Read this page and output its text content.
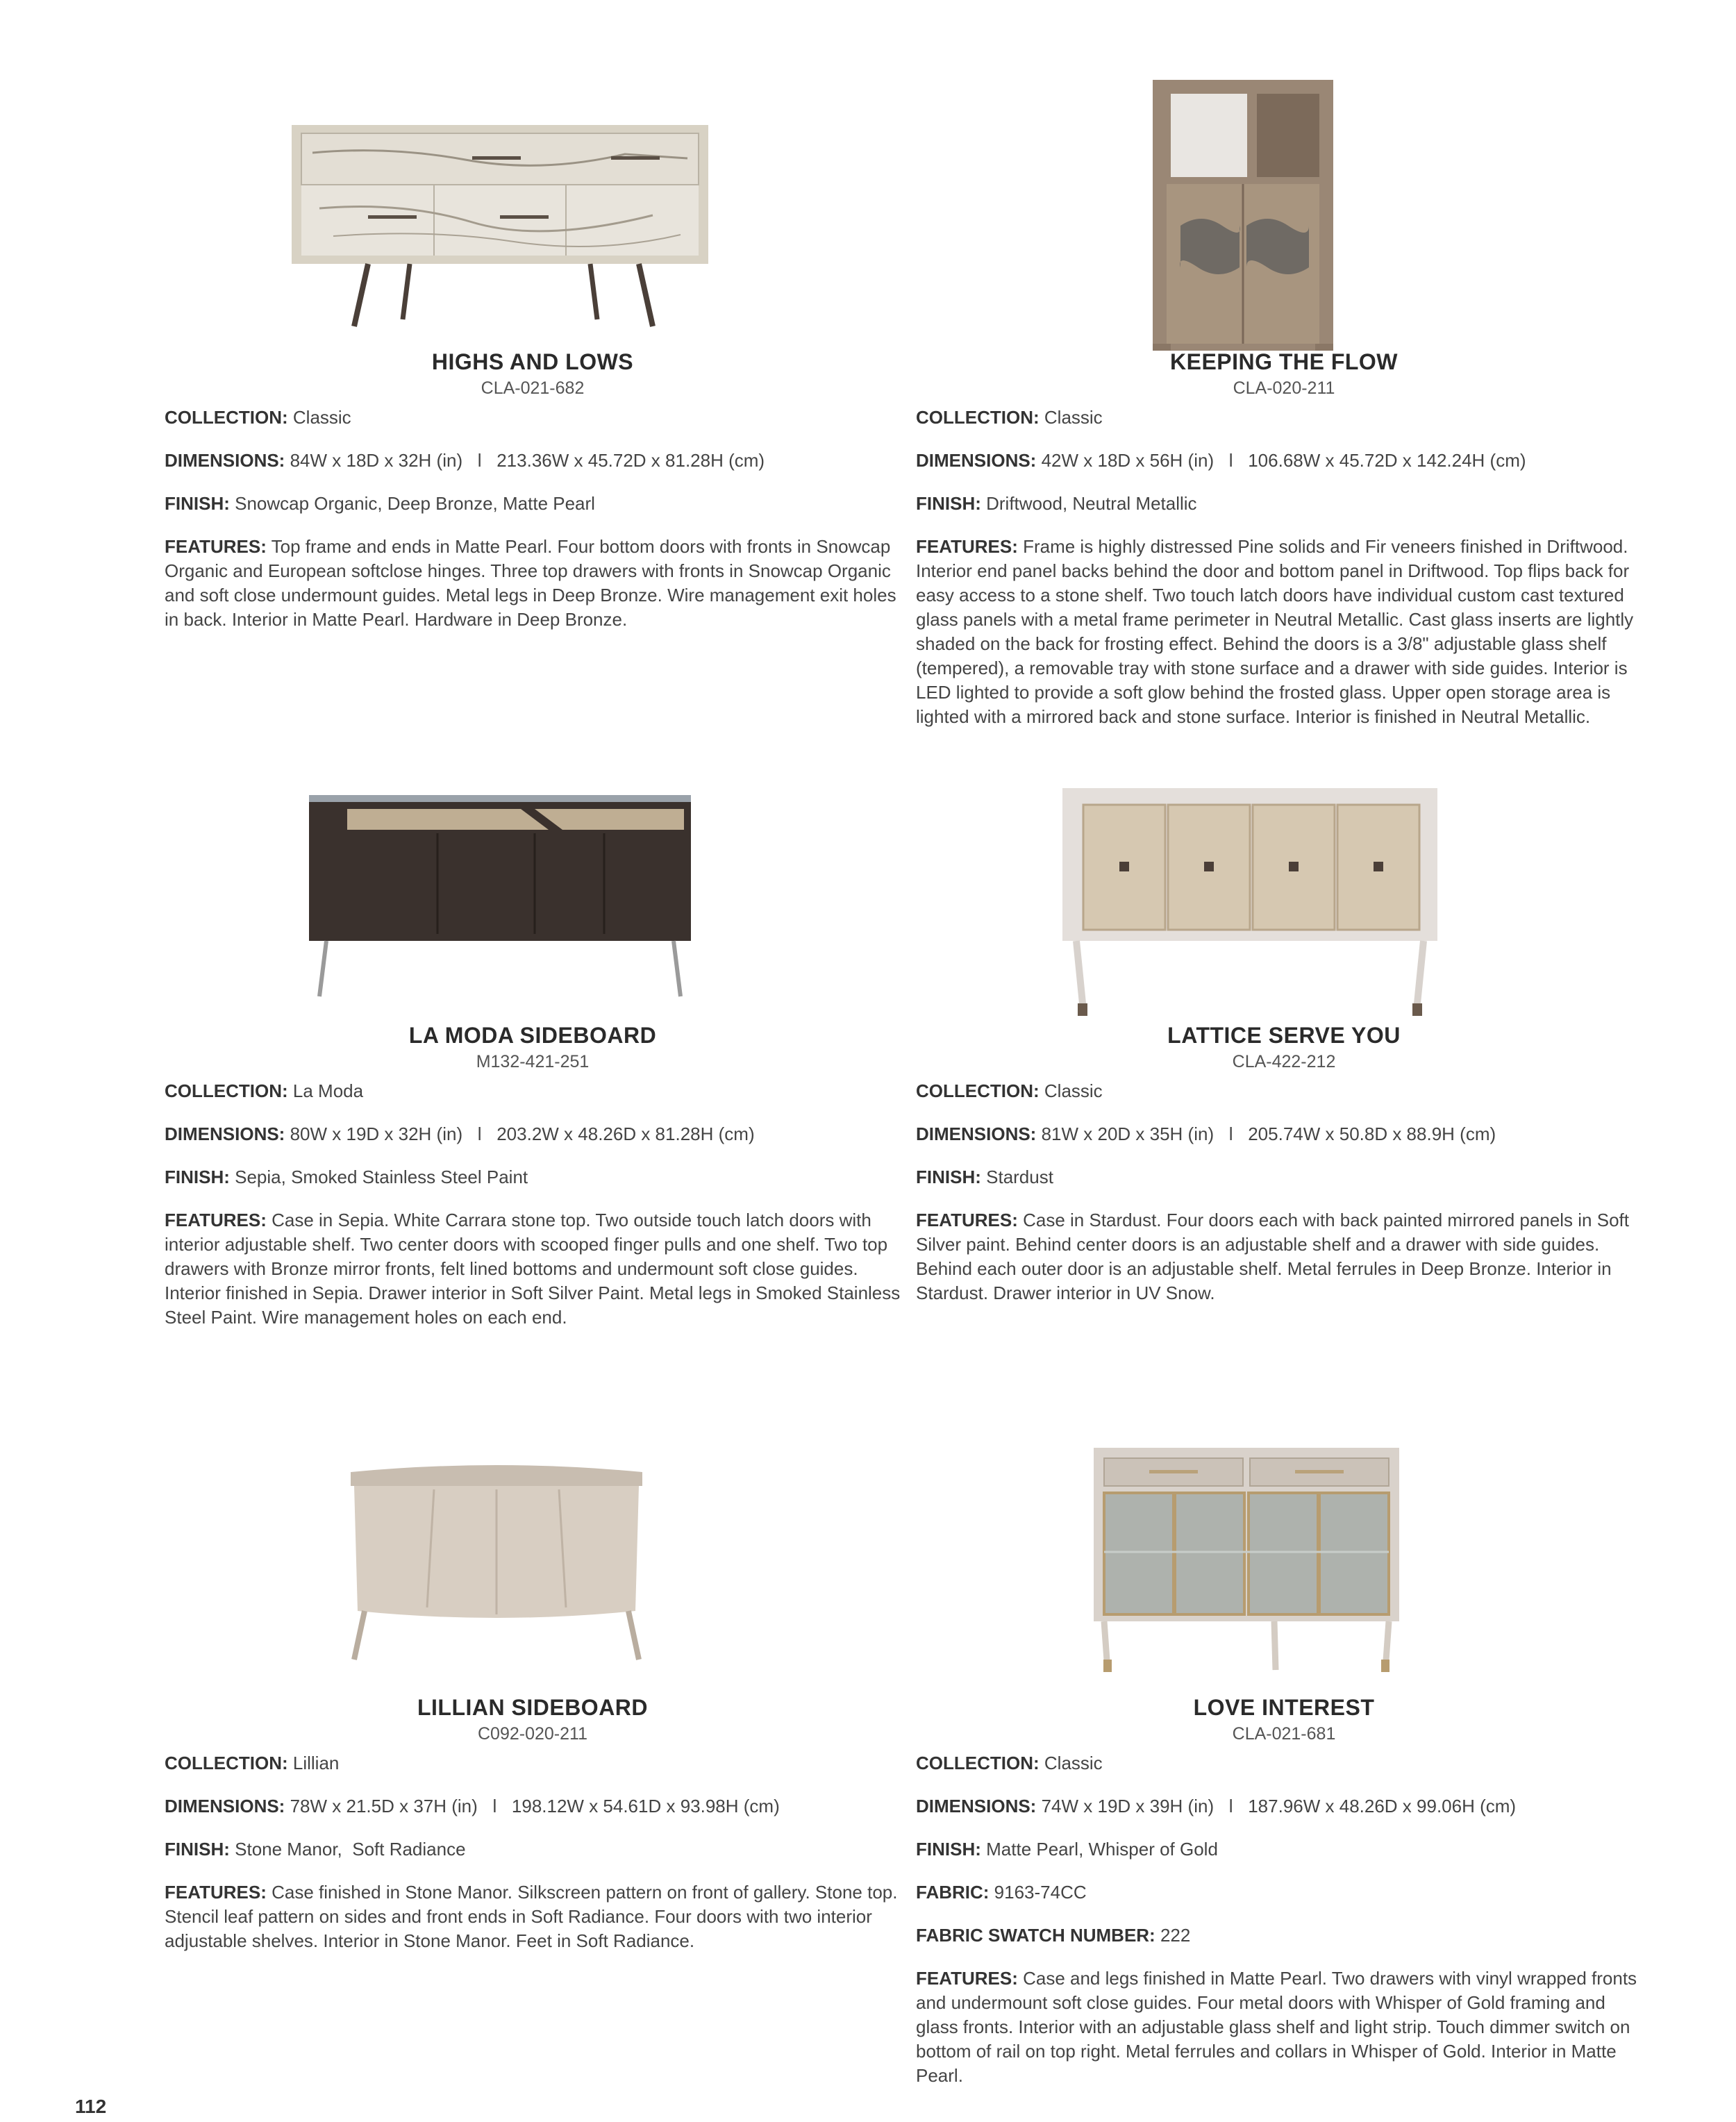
HIGHS AND LOWS
CLA-021-682
COLLECTION: Classic
DIMENSIONS: 84W x 18D x 32H (in)   l   213.36W x 45.72D x 81.28H (cm)
FINISH: Snowcap Organic, Deep Bronze, Matte Pearl
FEATURES: Top frame and ends in Matte Pearl. Four bottom doors with fronts in Snowcap Organic and European softclose hinges. Three top drawers with fronts in Snowcap Organic and soft close undermount guides. Metal legs in Deep Bronze. Wire management exit holes in back. Interior in Matte Pearl. Hardware in Deep Bronze.
KEEPING THE FLOW
CLA-020-211
COLLECTION: Classic
DIMENSIONS: 42W x 18D x 56H (in)   l   106.68W x 45.72D x 142.24H (cm)
FINISH: Driftwood, Neutral Metallic
FEATURES: Frame is highly distressed Pine solids and Fir veneers finished in Driftwood. Interior end panel backs behind the door and bottom panel in Driftwood. Top flips back for easy access to a stone shelf. Two touch latch doors have individual custom cast textured glass panels with a metal frame perimeter in Neutral Metallic. Cast glass inserts are lightly shaded on the back for frosting effect. Behind the doors is a 3/8" adjustable glass shelf (tempered), a removable tray with stone surface and a drawer with side guides. Interior is LED lighted to provide a soft glow behind the frosted glass. Upper open storage area is lighted with a mirrored back and stone surface. Interior is finished in Neutral Metallic.
LA MODA SIDEBOARD
M132-421-251
COLLECTION: La Moda
DIMENSIONS: 80W x 19D x 32H (in)   l   203.2W x 48.26D x 81.28H (cm)
FINISH: Sepia, Smoked Stainless Steel Paint
FEATURES: Case in Sepia. White Carrara stone top. Two outside touch latch doors with interior adjustable shelf. Two center doors with scooped finger pulls and one shelf. Two top drawers with Bronze mirror fronts, felt lined bottoms and undermount soft close guides. Interior finished in Sepia. Drawer interior in Soft Silver Paint. Metal legs in Smoked Stainless Steel Paint. Wire management holes on each end.
LATTICE SERVE YOU
CLA-422-212
COLLECTION: Classic
DIMENSIONS: 81W x 20D x 35H (in)   l   205.74W x 50.8D x 88.9H (cm)
FINISH: Stardust
FEATURES: Case in Stardust. Four doors each with back painted mirrored panels in Soft Silver paint. Behind center doors is an adjustable shelf and a drawer with side guides. Behind each outer door is an adjustable shelf. Metal ferrules in Deep Bronze. Interior in Stardust. Drawer interior in UV Snow.
LILLIAN SIDEBOARD
C092-020-211
COLLECTION: Lillian
DIMENSIONS: 78W x 21.5D x 37H (in)   l   198.12W x 54.61D x 93.98H (cm)
FINISH: Stone Manor,  Soft Radiance
FEATURES: Case finished in Stone Manor. Silkscreen pattern on front of gallery. Stone top. Stencil leaf pattern on sides and front ends in Soft Radiance. Four doors with two interior adjustable shelves. Interior in Stone Manor. Feet in Soft Radiance.
LOVE INTEREST
CLA-021-681
COLLECTION: Classic
DIMENSIONS: 74W x 19D x 39H (in)   l   187.96W x 48.26D x 99.06H (cm)
FINISH: Matte Pearl, Whisper of Gold
FABRIC: 9163-74CC
FABRIC SWATCH NUMBER: 222
FEATURES: Case and legs finished in Matte Pearl. Two drawers with vinyl wrapped fronts and undermount soft close guides. Four metal doors with Whisper of Gold framing and glass fronts. Interior with an adjustable glass shelf and light strip. Touch dimmer switch on bottom of rail on top right. Metal ferrules and collars in Whisper of Gold. Interior in Matte Pearl.
112
